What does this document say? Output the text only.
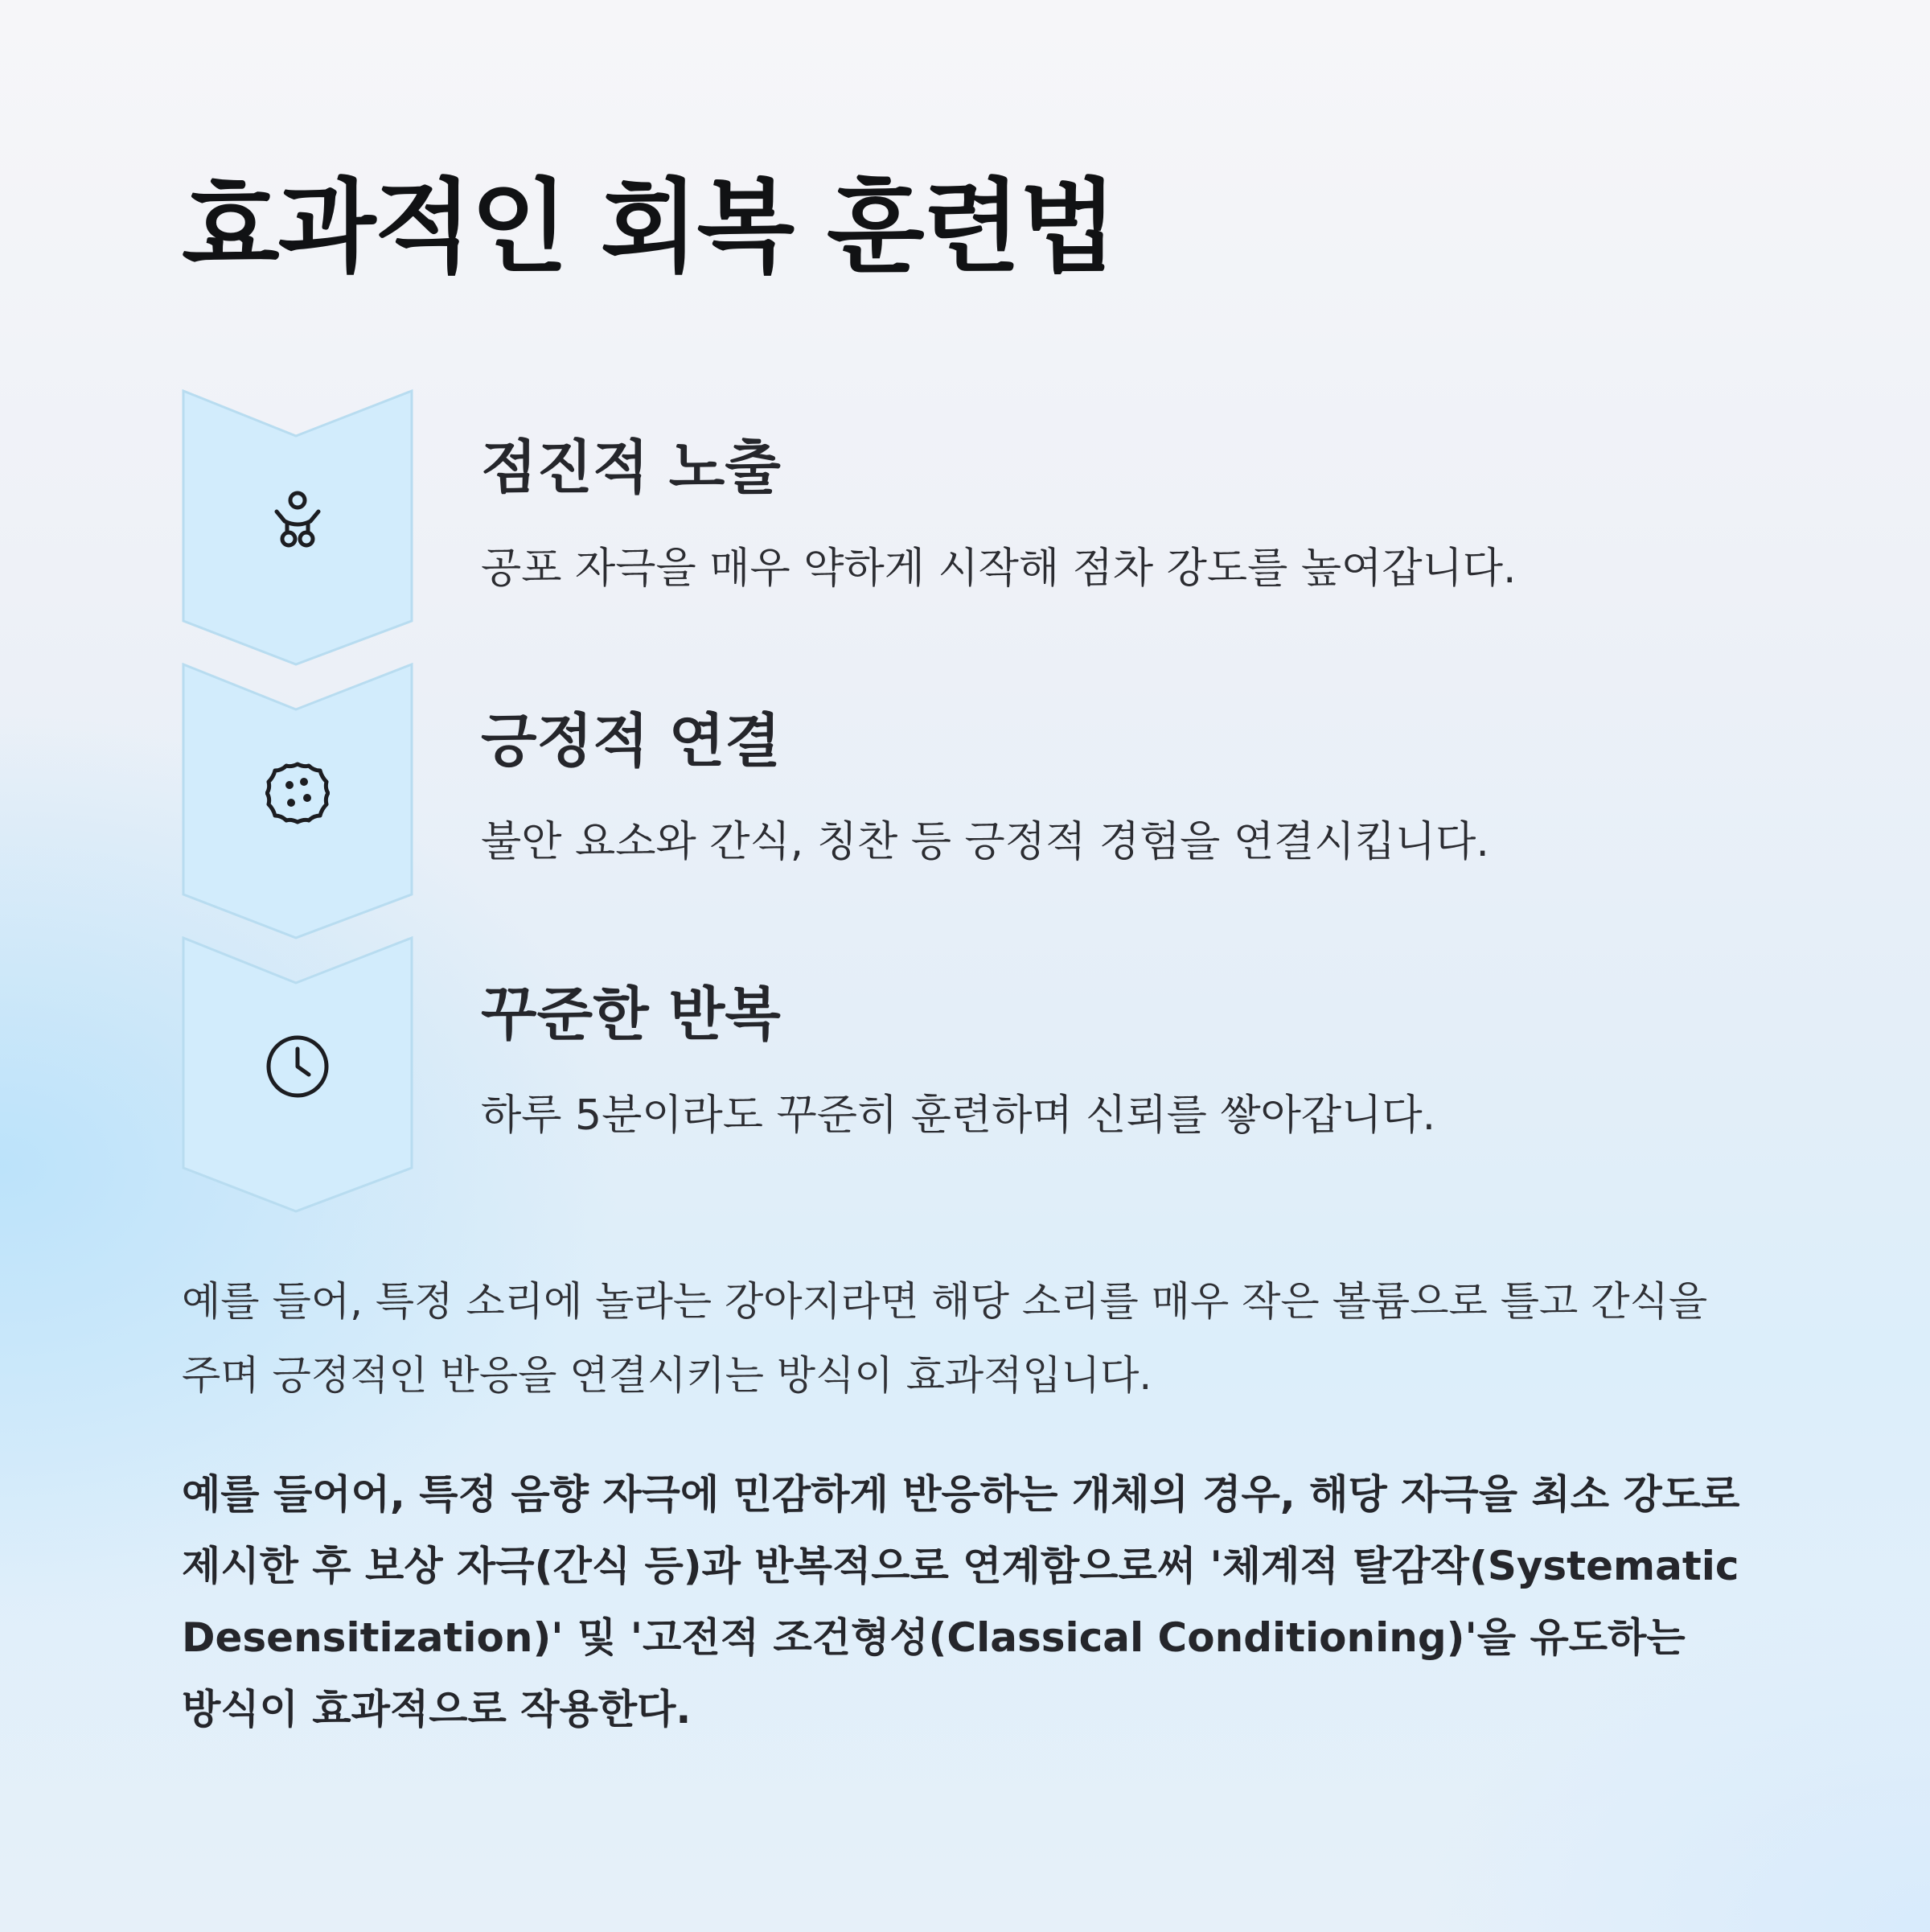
효과적인 회복 훈련법
점진적 노출

공포 자극을 매우 약하게 시작해 점차 강도를 높여갑니다.

긍정적 연결

불안 요소와 간식, 칭찬 등 긍정적 경험을 연결시킵니다.

꾸준한 반복

하루 5분이라도 꾸준히 훈련하며 신뢰를 쌓아갑니다.

예를 들어, 특정 소리에 놀라는 강아지라면 해당 소리를 매우 작은 볼륨으로 틀고 간식을 주며 긍정적인 반응을 연결시키는 방식이 효과적입니다.

예를 들어어, 특정 음향 자극에 민감하게 반응하는 개체의 경우, 해당 자극을 최소 강도로 제시한 후 보상 자극(간식 등)과 반복적으로 연계함으로써 '체계적 탈감작(Systematic Desensitization)' 및 '고전적 조건형성(Classical Conditioning)'을 유도하는 방식이 효과적으로 작용한다.
